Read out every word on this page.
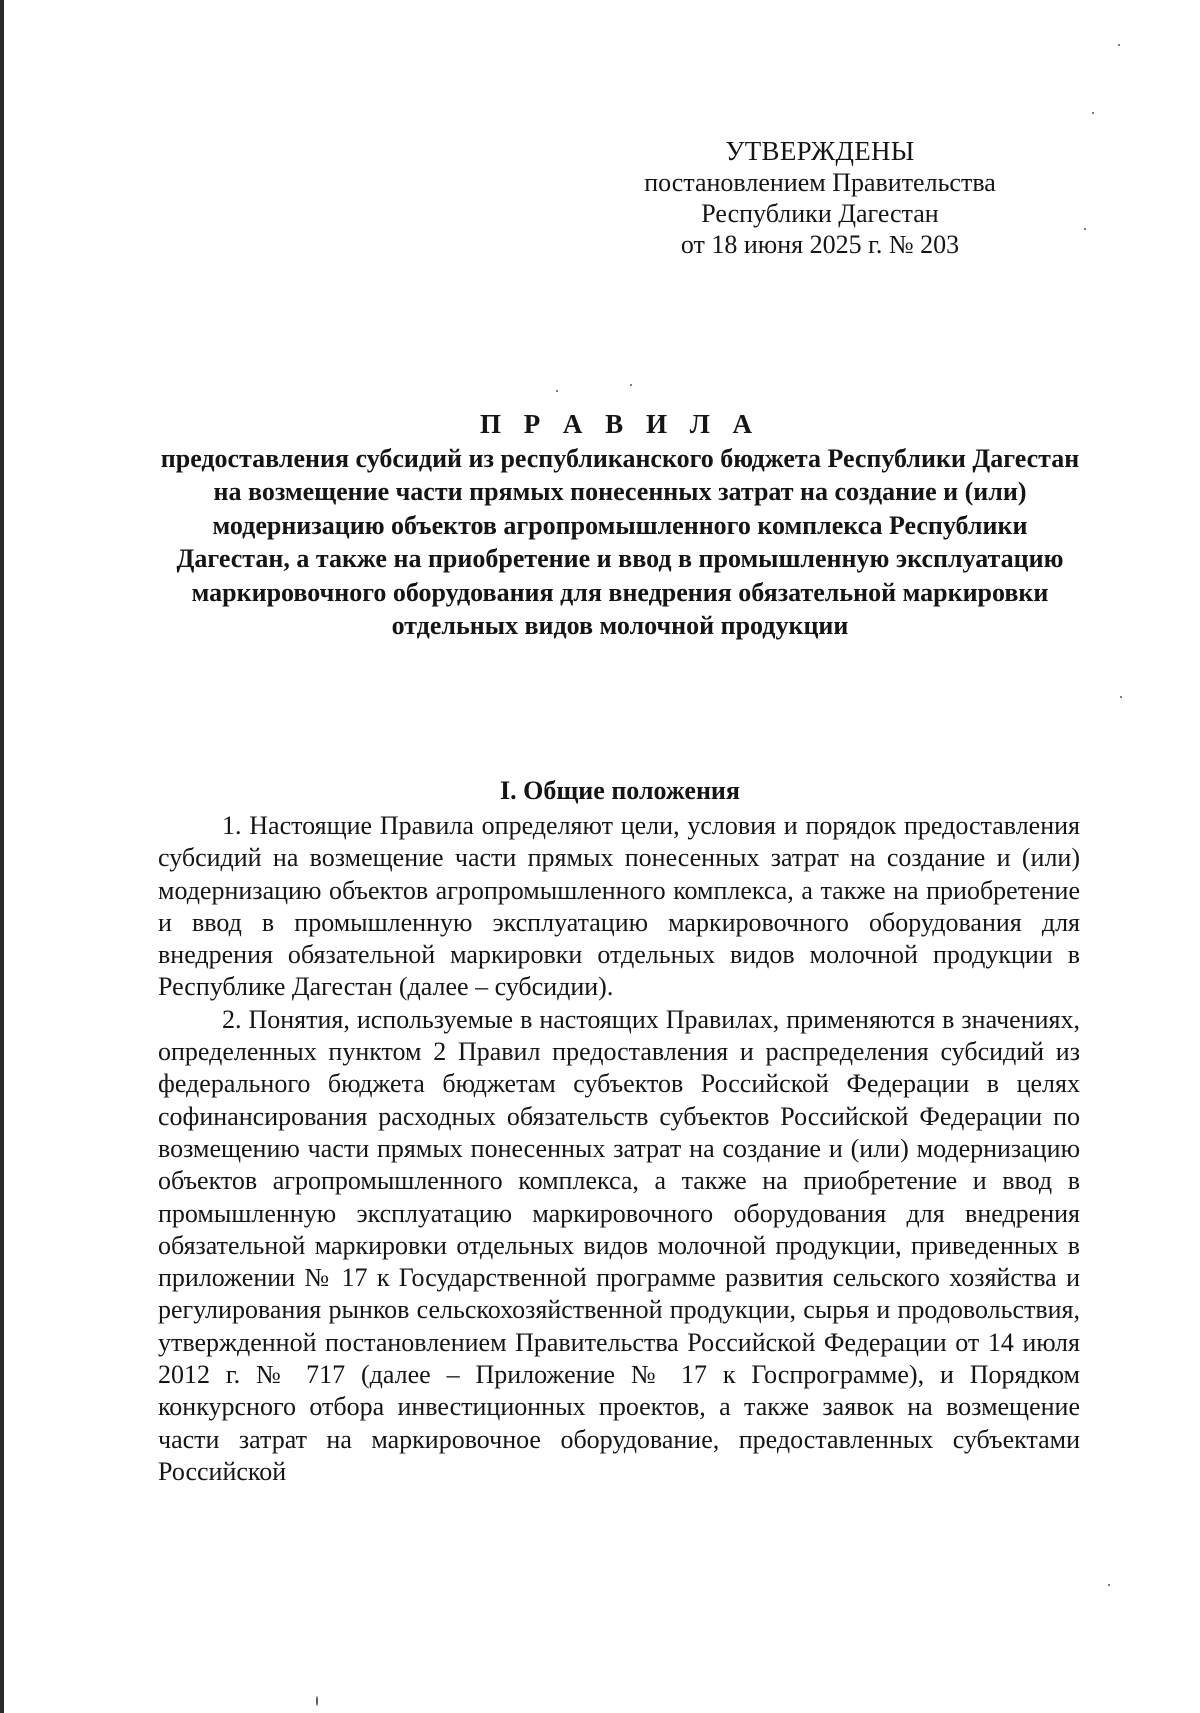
УТВЕРЖДЕНЫ
постановлением Правительства
Республики Дагестан
от 18 июня 2025 г. № 203
П Р А В И Л А
предоставления субсидий из республиканского бюджета Республики Дагестан на возмещение части прямых понесенных затрат на создание и (или) модернизацию объектов агропромышленного комплекса Республики Дагестан, а также на приобретение и ввод в промышленную эксплуатацию маркировочного оборудования для внедрения обязательной маркировки отдельных видов молочной продукции
I. Общие положения

1. Настоящие Правила определяют цели, условия и порядок предоставления субсидий на возмещение части прямых понесенных затрат на создание и (или) модернизацию объектов агропромышленного комплекса, а также на приобретение и ввод в промышленную эксплуатацию маркировочного оборудования для внедрения обязательной маркировки отдельных видов молочной продукции в Республике Дагестан (далее – субсидии).

2. Понятия, используемые в настоящих Правилах, применяются в значениях, определенных пунктом 2 Правил предоставления и распределения субсидий из федерального бюджета бюджетам субъектов Российской Федерации в целях софинансирования расходных обязательств субъектов Российской Федерации по возмещению части прямых понесенных затрат на создание и (или) модернизацию объектов агропромышленного комплекса, а также на приобретение и ввод в промышленную эксплуатацию маркировочного оборудования для внедрения обязательной маркировки отдельных видов молочной продукции, приведенных в приложении № 17 к Государственной программе развития сельского хозяйства и регулирования рынков сельскохозяйственной продукции, сырья и продовольствия, утвержденной постановлением Правительства Российской Федерации от 14 июля 2012 г. № 717 (далее – Приложение № 17 к Госпрограмме), и Порядком конкурсного отбора инвестиционных проектов, а также заявок на возмещение части затрат на маркировочное оборудование, предоставленных субъектами Российской
